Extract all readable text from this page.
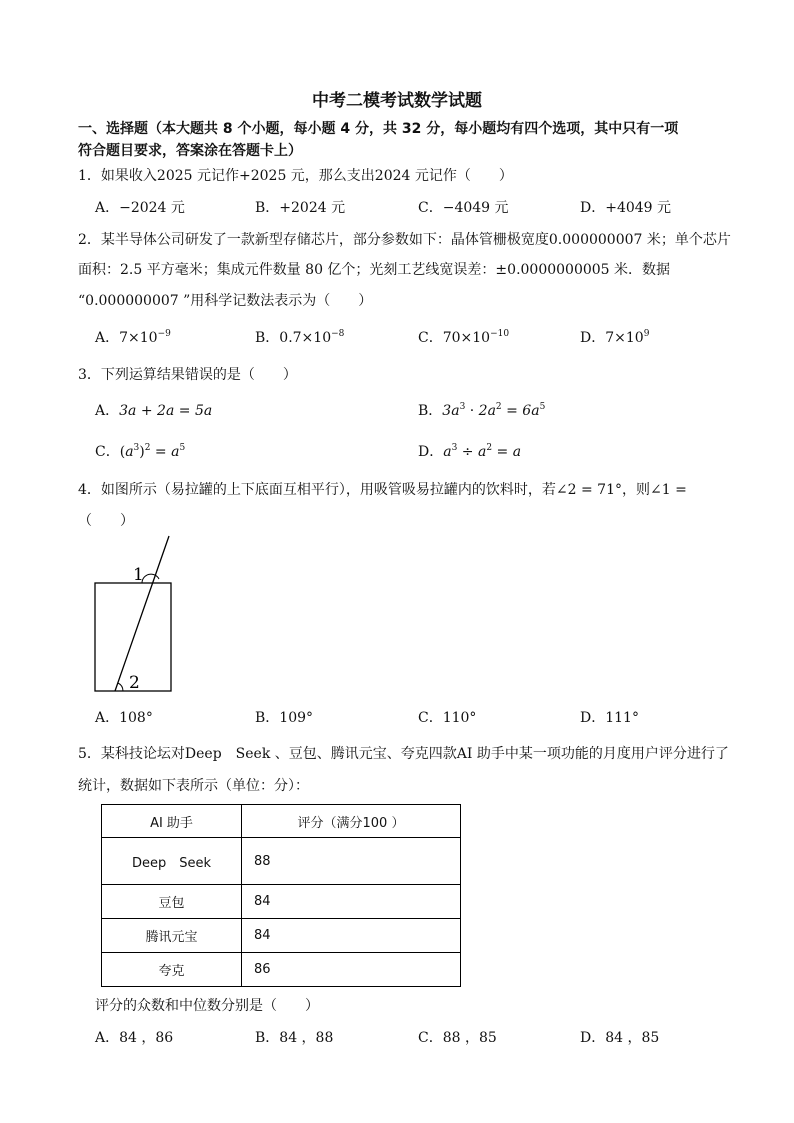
中考二模考试数学试题
一、选择题（本大题共 8 个小题，每小题 4 分，共 32 分，每小题均有四个选项，其中只有一项
符合题目要求，答案涂在答题卡上）
1．如果收入2025 元记作+2025 元，那么支出2024 元记作（　　）
A．−2024 元	B．+2024 元	C．−4049 元	D．+4049 元
2．某半导体公司研发了一款新型存储芯片，部分参数如下：晶体管栅极宽度0.000000007 米；单个芯片
面积：2.5 平方毫米；集成元件数量 80 亿个；光刻工艺线宽误差：±0.0000000005 米．数据
“0.000000007 ”用科学记数法表示为（　　）
A．$7\times 10^{-9}$	B．$0.7\times 10^{-8}$	C．$70\times 10^{-10}$	D．$7\times 10^9$
3．下列运算结果错误的是（　　）
A．3a + 2a = 5a	B．$3a^3 \cdot 2a^2 = 6a^5$
C．$(a^3)^2 = a^5$	D．$a^3 \div a^2 = a$
4．如图所示（易拉罐的上下底面互相平行），用吸管吸易拉罐内的饮料时，若∠2 = 71°，则∠1 =
（　　）
1
2
A．108°	B．109°	C．110°	D．111°
5．某科技论坛对Deep　Seek 、豆包、腾讯元宝、夸克四款AI 助手中某一项功能的月度用户评分进行了
统计，数据如下表所示（单位：分）：
AI 助手	评分（满分100 ）
Deep　Seek	88
豆包	84
腾讯元宝	84
夸克	86
评分的众数和中位数分别是（　　）
A．84 ，86	B．84 ，88	C．88 ，85	D．84 ，85
